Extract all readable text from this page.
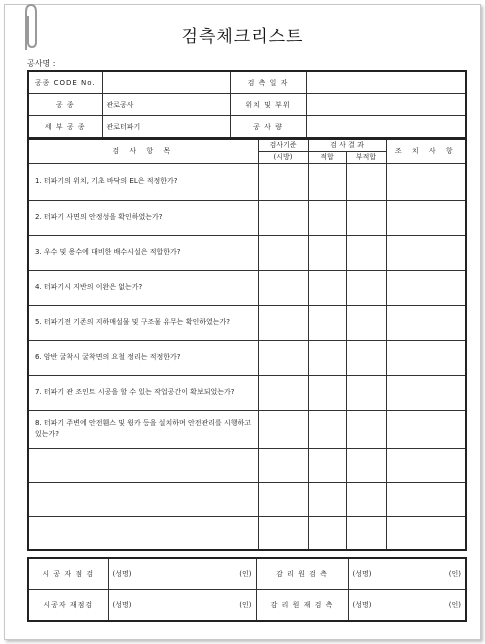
검측체크리스트
공사명 :
공종 CODE No.		검 측 일 자	
공 종	관로공사	위치 및 부위	
세 부 공 종	관로터파기	공 사 량	
검 사 항 목	검사기준	검 사 결 과		조 치 사 항
	(시방)	적합	부적합	
1. 터파기의 위치, 기초 바닥의 EL은 적정한가?				
2. 터파기 사면의 안정성을 확인하였는가?				
3. 우수 및 용수에 대비한 배수시설은 적합한가?				
4. 터파기시 지반의 이완은 없는가?				
5. 터파기전 기존의 지하매설물 및 구조물 유무는 확인하였는가?				
6. 암반 굴착시 굴착면의 요철 정리는 적정한가?				
7. 터파기 관 조인트 시공을 할 수 있는 작업공간이 확보되었는가?				
8. 터파기 주변에 안전휀스 및 윙카 등을 설치하며 안전관리를 시행하고 있는가?				

시 공 자 점 검	(성명) (인)	감 리 원 검 측	(성명) (인)

시공자 재점검	(성명) (인)	감 리 원 재 검 측	(성명) (인)
